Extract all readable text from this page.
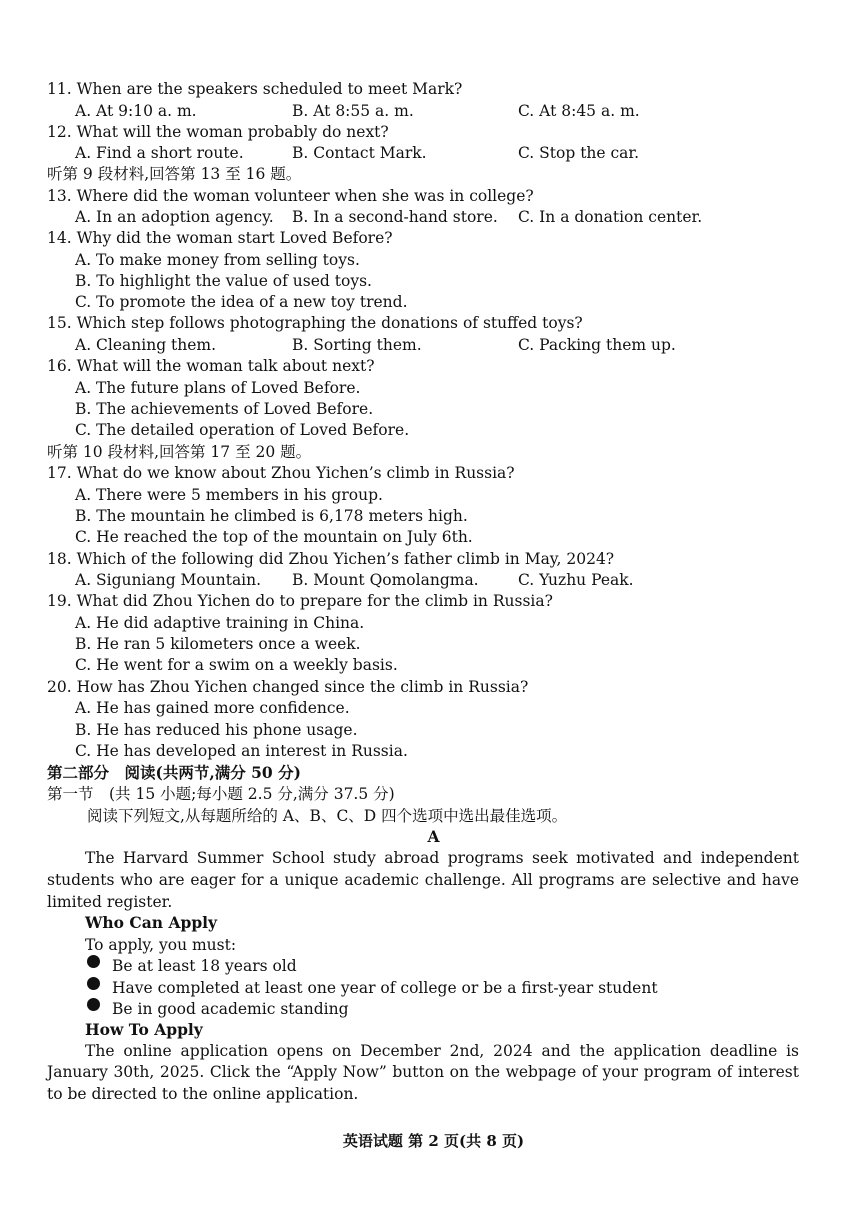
11. When are the speakers scheduled to meet Mark?
A. At 9:10 a. m.	B. At 8:55 a. m.	C. At 8:45 a. m.
12. What will the woman probably do next?
A. Find a short route.	B. Contact Mark.	C. Stop the car.
听第 9 段材料,回答第 13 至 16 题。
13. Where did the woman volunteer when she was in college?
A. In an adoption agency. B. In a second-hand store. C. In a donation center.
14. Why did the woman start Loved Before?
A. To make money from selling toys.
B. To highlight the value of used toys.
C. To promote the idea of a new toy trend.
15. Which step follows photographing the donations of stuffed toys?
A. Cleaning them.	B. Sorting them.	C. Packing them up.
16. What will the woman talk about next?
A. The future plans of Loved Before.
B. The achievements of Loved Before.
C. The detailed operation of Loved Before.
听第 10 段材料,回答第 17 至 20 题。
17. What do we know about Zhou Yichen’s climb in Russia?
A. There were 5 members in his group.
B. The mountain he climbed is 6,178 meters high.
C. He reached the top of the mountain on July 6th.
18. Which of the following did Zhou Yichen’s father climb in May, 2024?
A. Siguniang Mountain. B. Mount Qomolangma.	C. Yuzhu Peak.
19. What did Zhou Yichen do to prepare for the climb in Russia?
A. He did adaptive training in China.
B. He ran 5 kilometers once a week.
C. He went for a swim on a weekly basis.
20. How has Zhou Yichen changed since the climb in Russia?
A. He has gained more confidence.
B. He has reduced his phone usage.
C. He has developed an interest in Russia.
第二部分　阅读(共两节,满分 50 分)
第一节　(共 15 小题;每小题 2.5 分,满分 37.5 分)
阅读下列短文,从每题所给的 A、B、C、D 四个选项中选出最佳选项。
A
The Harvard Summer School study abroad programs seek motivated and independent
students who are eager for a unique academic challenge. All programs are selective and have
limited register.
Who Can Apply
To apply, you must:
Be at least 18 years old
Have completed at least one year of college or be a first-year student
Be in good academic standing
How To Apply
The online application opens on December 2nd, 2024 and the application deadline is
January 30th, 2025. Click the “Apply Now” button on the webpage of your program of interest
to be directed to the online application.
英语试题 第 2 页(共 8 页)
